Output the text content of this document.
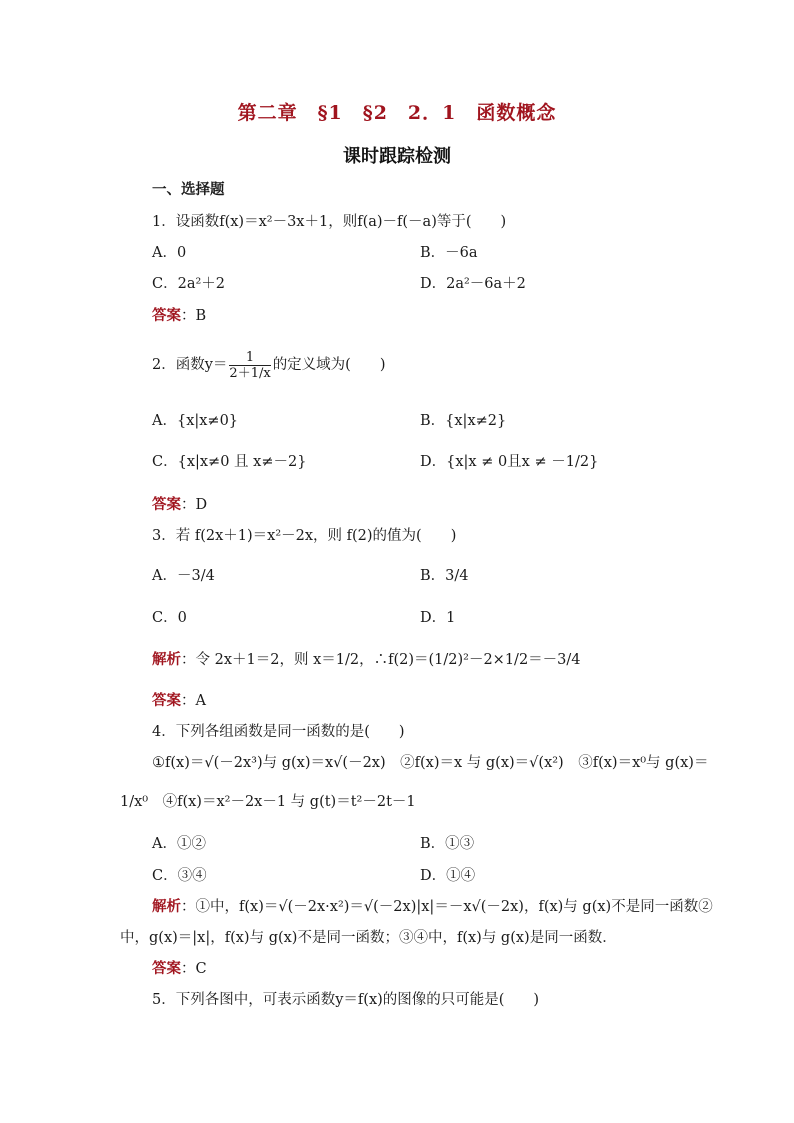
第二章　§1　§2　2．1　函数概念
课时跟踪检测
一、选择题
1．设函数f(x)＝x²－3x＋1，则f(a)－f(－a)等于(　　)
A．0	B．－6a
C．2a²＋2	D．2a²－6a＋2
答案：B
2．函数$y= \frac{1}{2+1/x}$ 的定义域为(　　)
A．{x|x≠0}	B．{x|x≠2}
C．{x|x≠0 且 x≠－2}	D．{x|x ≠ 0且x ≠ －1/2}
答案：D
3．若 f(2x＋1)＝x²－2x，则 f(2)的值为(　　)
A．－3/4	B．3/4
C．0	D．1
解析：令 2x＋1＝2，则 x＝1/2，∴f(2)＝(1/2)²－2×1/2＝－3/4
答案：A
4．下列各组函数是同一函数的是(　　)
①f(x)＝√(－2x³)与 g(x)＝x√(－2x)　②f(x)＝x 与 g(x)＝√(x²)　③f(x)＝x⁰与 g(x)＝
1/x⁰　④f(x)＝x²－2x－1 与 g(t)＝t²－2t－1
A．①②	B．①③
C．③④	D．①④
解析：①中，f(x)＝√(－2x·x²)＝√(－2x)|x|＝－x√(－2x)，f(x)与 g(x)不是同一函数②
中，g(x)＝|x|，f(x)与 g(x)不是同一函数；③④中，f(x)与 g(x)是同一函数．
答案：C
5．下列各图中，可表示函数y＝f(x)的图像的只可能是(　　)
